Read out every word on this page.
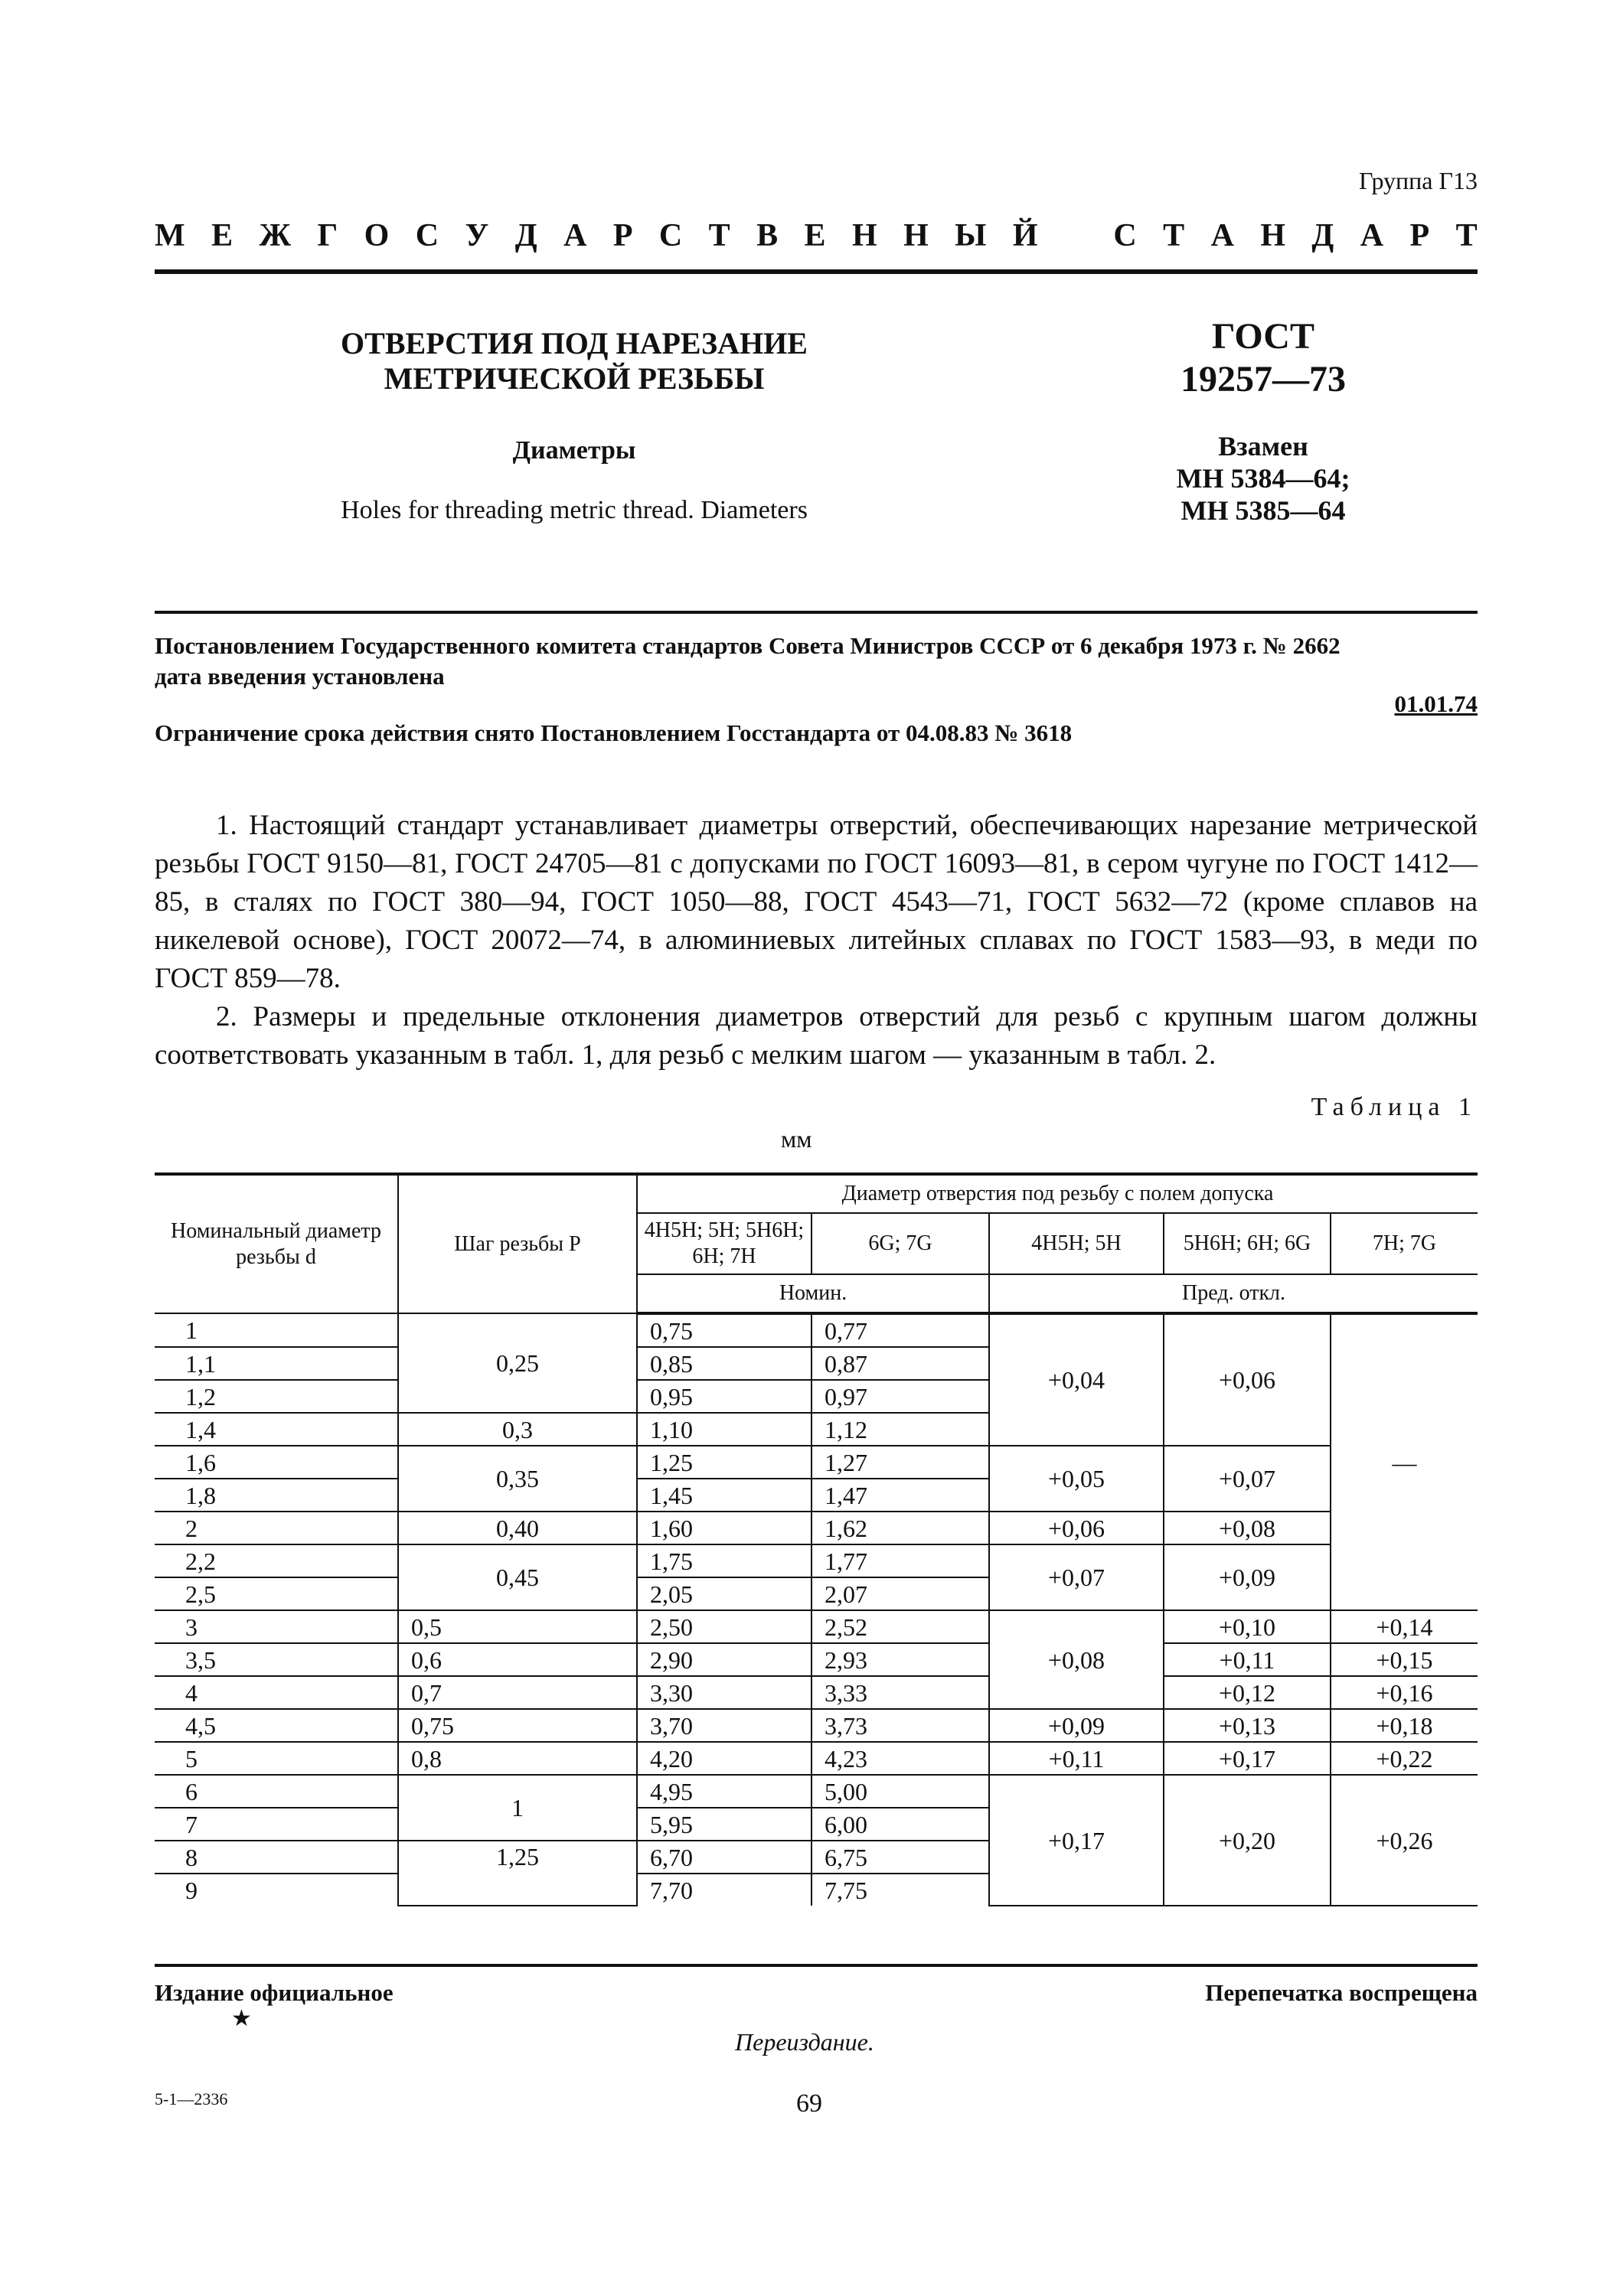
Группа Г13
М Е Ж Г О С У Д А Р С Т В Е Н Н Ы Й С Т А Н Д А Р Т
ОТВЕРСТИЯ ПОД НАРЕЗАНИЕ
МЕТРИЧЕСКОЙ РЕЗЬБЫ
Диаметры
Holes for threading metric thread. Diameters
ГОСТ
19257—73
Взамен
МН 5384—64;
МН 5385—64
Постановлением Государственного комитета стандартов Совета Министров СССР от 6 декабря 1973 г. № 2662
дата введения установлена
01.01.74
Ограничение срока действия снято Постановлением Госстандарта от 04.08.83 № 3618

1. Настоящий стандарт устанавливает диаметры отверстий, обеспечивающих нарезание метрической резьбы ГОСТ 9150—81, ГОСТ 24705—81 с допусками по ГОСТ 16093—81, в сером чугуне по ГОСТ 1412—85, в сталях по ГОСТ 380—94, ГОСТ 1050—88, ГОСТ 4543—71, ГОСТ 5632—72 (кроме сплавов на никелевой основе), ГОСТ 20072—74, в алюминиевых литейных сплавах по ГОСТ 1583—93, в меди по ГОСТ 859—78.

2. Размеры и предельные отклонения диаметров отверстий для резьб с крупным шагом должны соответствовать указанным в табл. 1, для резьб с мелким шагом — указанным в табл. 2.

Таблица 1
мм
Номинальный диаметр резьбы d	Шаг резьбы P	Диаметр отверстия под резьбу с полем допуска				
		4H5H; 5H; 5H6H; 6H; 7H	6G; 7G	4H5H; 5H	5H6H; 6H; 6G	7H; 7G
		Номин.		Пред. откл.		
1	0,25	0,75	0,77	+0,04	+0,06	—
1,1		0,85	0,87			
1,2		0,95	0,97			
1,4	0,3	1,10	1,12			
1,6	0,35	1,25	1,27	+0,05	+0,07	
1,8		1,45	1,47			
2	0,40	1,60	1,62	+0,06	+0,08	
2,2	0,45	1,75	1,77	+0,07	+0,09	
2,5		2,05	2,07			
3	0,5	2,50	2,52	+0,08	+0,10	+0,14
3,5	0,6	2,90	2,93		+0,11	+0,15
4	0,7	3,30	3,33		+0,12	+0,16
4,5	0,75	3,70	3,73	+0,09	+0,13	+0,18
5	0,8	4,20	4,23	+0,11	+0,17	+0,22
6	1	4,95	5,00	+0,17	+0,20	+0,26
7		5,95	6,00			
8	1,25	6,70	6,75			
9		7,70	7,75			
Издание официальное
★
Перепечатка воспрещена
Переиздание.
5-1—2336	69
